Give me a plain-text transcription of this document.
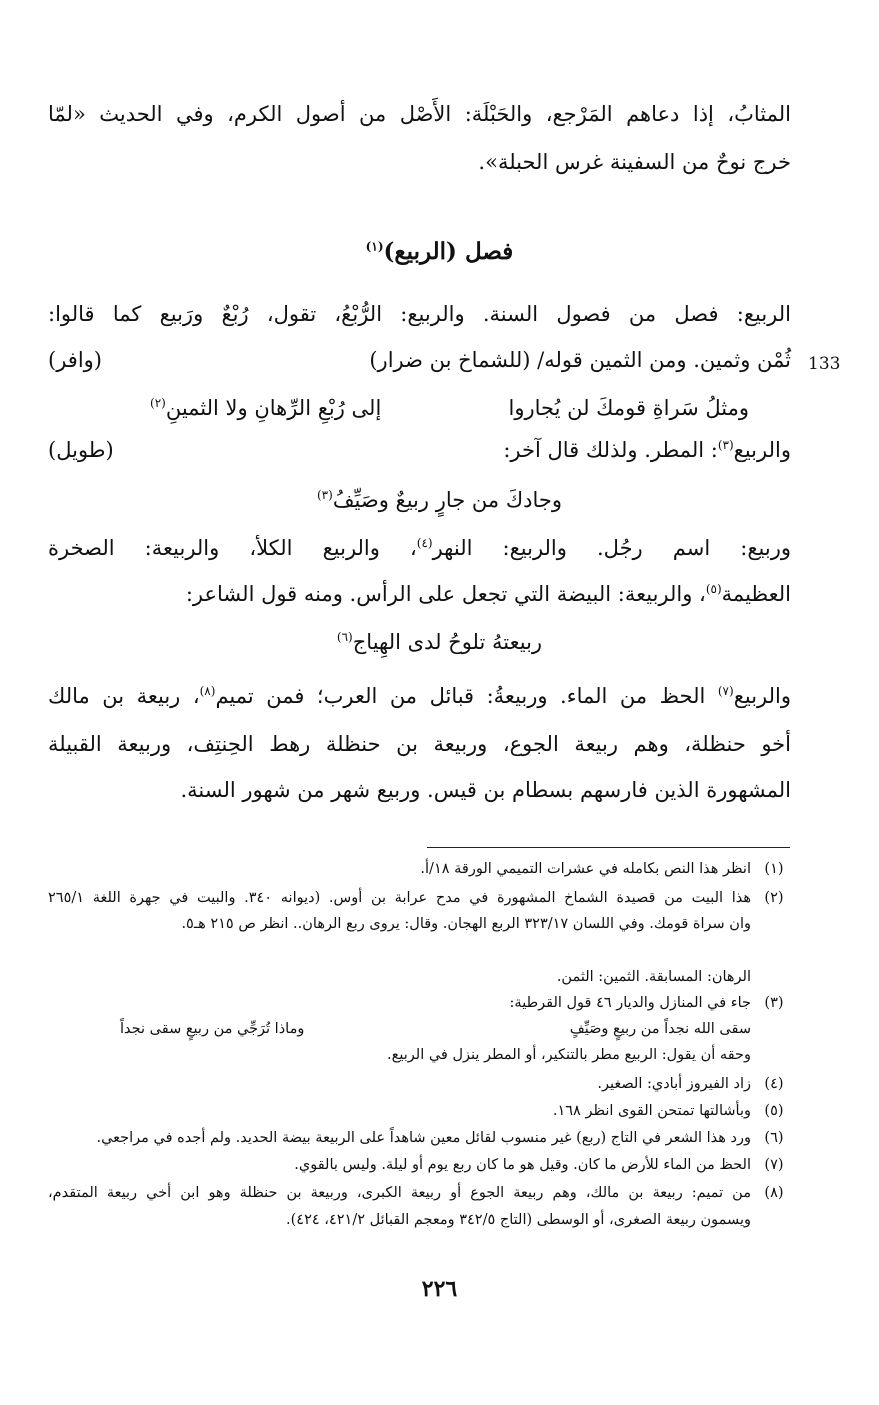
المثابُ، إذا دعاهم المَرْجع، والحَبْلَة: الأَصْل من أصول الكرم، وفي الحديث «لمّا
خرج نوحٌ من السفينة غرس الحبلة».
فصل (الربيع)$^{(١)}$
الربيع: فصل من فصول السنة. والربيع: الرُّبْعُ، تقول، رُبْعٌ ورَبيع كما قالوا:
ثُمْن وثمين. ومن الثمين قوله/ (للشماخ بن ضرار)
(وافر)	133
ومثلُ سَراةِ قومكَ لن يُجاروا
إلى رُبْعِ الرِّهانِ ولا الثمينِ$^{(٢)}$
والربيع$^{(٣)}$: المطر. ولذلك قال آخر:
(طويل)
وجادكَ من جارٍ ربيعٌ وصَيِّفُ$^{(٣)}$
وربيع: اسم رجُل. والربيع: النهر$^{(٤)}$، والربيع الكلأ، والربيعة: الصخرة
العظيمة$^{(٥)}$، والربيعة: البيضة التي تجعل على الرأس. ومنه قول الشاعر:
ربيعتهُ تلوحُ لدى الهِياج$^{(٦)}$
والربيع$^{(٧)}$ الحظ من الماء. وربيعةُ: قبائل من العرب؛ فمن تميم$^{(٨)}$، ربيعة بن مالك
أخو حنظلة، وهم ربيعة الجوع، وربيعة بن حنظلة رهط الحِنتِف، وربيعة القبيلة
المشهورة الذين فارسهم بسطام بن قيس. وربيع شهر من شهور السنة.
(١)
انظر هذا النص بكامله في عشرات التميمي الورقة ١٨/أ.
(٢)
هذا البيت من قصيدة الشماخ المشهورة في مدح عرابة بن أوس. (ديوانه ٣٤٠. والبيت في جهرة اللغة ٢٦٥/١
وان سراة قومك. وفي اللسان ٣٢٣/١٧ الربع الهجان. وقال: يروى ربع الرهان.. انظر ص ٢١٥ هـ٥.
الرهان: المسابقة. الثمين: الثمن.
(٣)
جاء في المنازل والديار ٤٦ قول القرطية:
سقى الله نجداً من ربيعٍ وصَيِّفٍ
وماذا تُرَجِّي من ربيعٍ سقى نجداً
وحقه أن يقول: الربيع مطر بالتنكير، أو المطر ينزل في الربيع.
(٤)
زاد الفيروز أبادي: الصغير.
(٥)
وبأشالتها تمتحن القوى انظر ١٦٨.
(٦)
ورد هذا الشعر في التاج (ربع) غير منسوب لقائل معين شاهداً على الربيعة بيضة الحديد. ولم أجده في مراجعي.
(٧)
الحظ من الماء للأرض ما كان. وقيل هو ما كان ربع يوم أو ليلة. وليس بالقوي.
(٨)
من تميم: ربيعة بن مالك، وهم ربيعة الجوع أو ربيعة الكبرى، وربيعة بن حنظلة وهو ابن أخي ربيعة المتقدم،
ويسمون ربيعة الصغرى، أو الوسطى (التاج ٣٤٢/٥ ومعجم القبائل ٤٢١/٢، ٤٢٤).
٢٢٦
